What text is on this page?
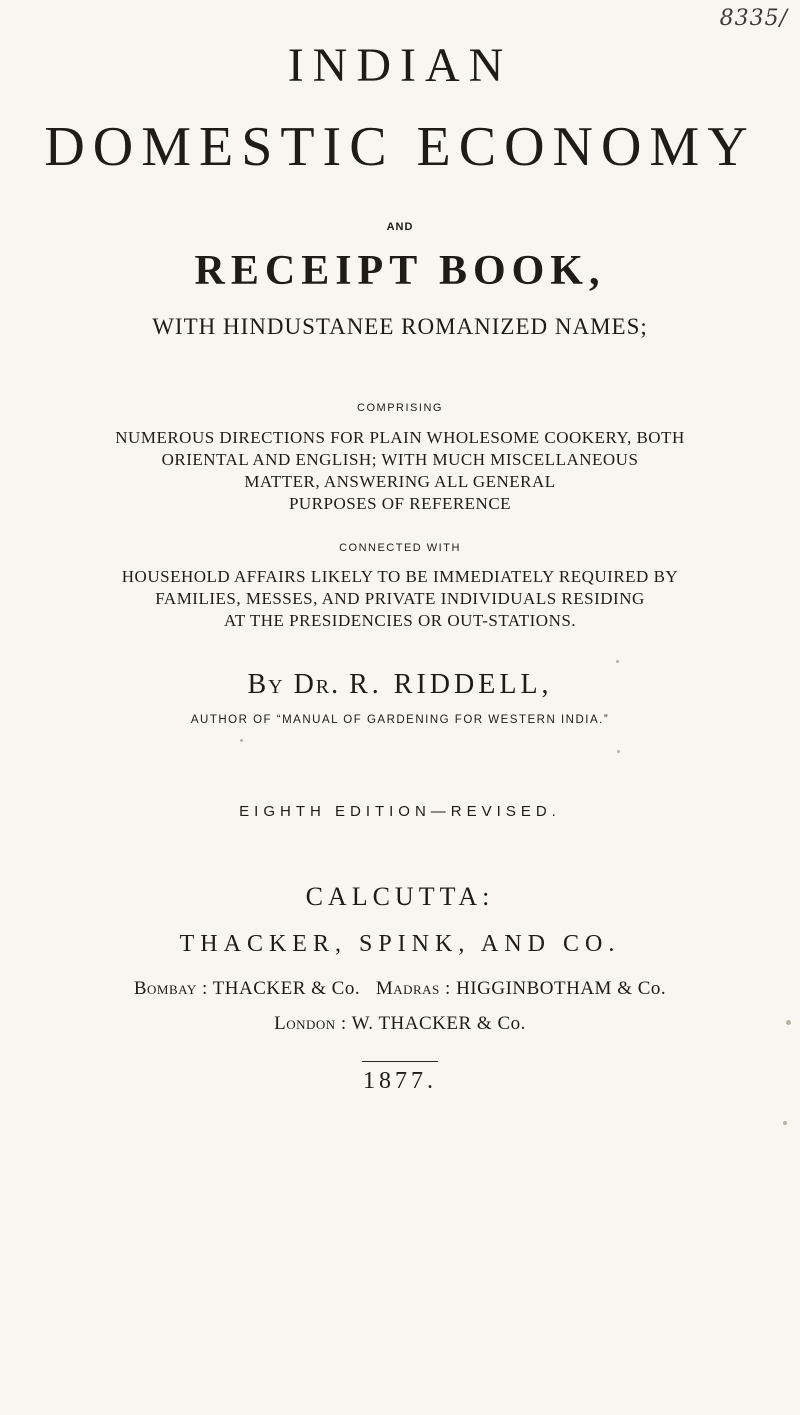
8335/
INDIAN
DOMESTIC ECONOMY
AND
RECEIPT BOOK,
WITH HINDUSTANEE ROMANIZED NAMES;
COMPRISING
NUMEROUS DIRECTIONS FOR PLAIN WHOLESOME COOKERY, BOTH
ORIENTAL AND ENGLISH; WITH MUCH MISCELLANEOUS
MATTER, ANSWERING ALL GENERAL
PURPOSES OF REFERENCE
CONNECTED WITH
HOUSEHOLD AFFAIRS LIKELY TO BE IMMEDIATELY REQUIRED BY
FAMILIES, MESSES, AND PRIVATE INDIVIDUALS RESIDING
AT THE PRESIDENCIES OR OUT-STATIONS.
By Dr. R. RIDDELL,
AUTHOR OF “MANUAL OF GARDENING FOR WESTERN INDIA.”
EIGHTH EDITION—REVISED.
CALCUTTA:
THACKER, SPINK, AND CO.
Bombay : THACKER & Co. Madras : HIGGINBOTHAM & Co.
London : W. THACKER & Co.
1877.
